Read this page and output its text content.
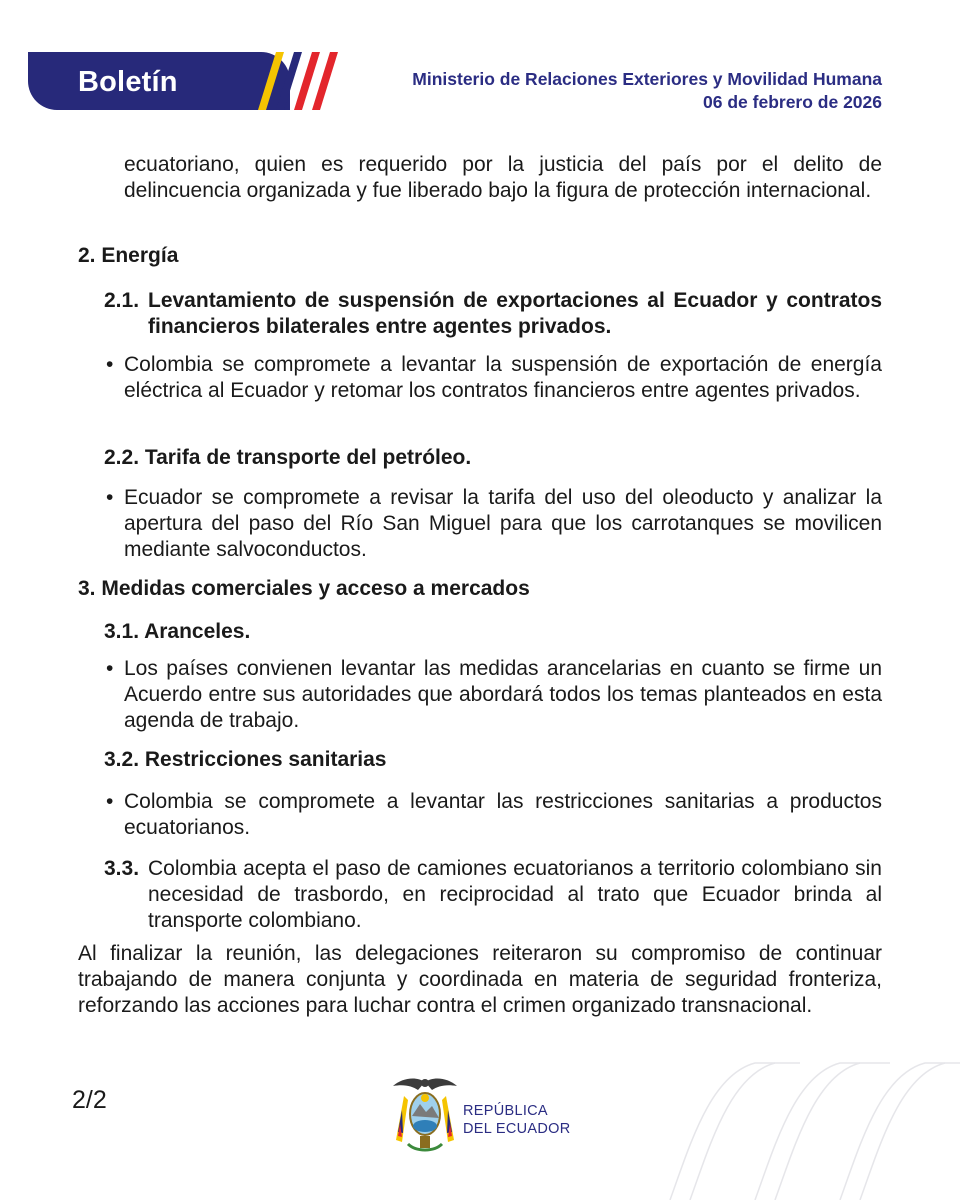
Boletín	Ministerio de Relaciones Exteriores y Movilidad Humana
06 de febrero de 2026

ecuatoriano, quien es requerido por la justicia del país por el delito de delincuencia organizada y fue liberado bajo la figura de protección internacional.

2. Energía
2.1. Levantamiento de suspensión de exportaciones al Ecuador y contratos financieros bilaterales entre agentes privados.
• Colombia se compromete a levantar la suspensión de exportación de energía eléctrica al Ecuador y retomar los contratos financieros entre agentes privados.

2.2. Tarifa de transporte del petróleo.
• Ecuador se compromete a revisar la tarifa del uso del oleoducto y analizar la apertura del paso del Río San Miguel para que los carrotanques se movilicen mediante salvoconductos.

3. Medidas comerciales y acceso a mercados
3.1. Aranceles.
• Los países convienen levantar las medidas arancelarias en cuanto se firme un Acuerdo entre sus autoridades que abordará todos los temas planteados en esta agenda de trabajo.

3.2. Restricciones sanitarias
• Colombia se compromete a levantar las restricciones sanitarias a productos ecuatorianos.

3.3. Colombia acepta el paso de camiones ecuatorianos a territorio colombiano sin necesidad de trasbordo, en reciprocidad al trato que Ecuador brinda al transporte colombiano.

Al finalizar la reunión, las delegaciones reiteraron su compromiso de continuar trabajando de manera conjunta y coordinada en materia de seguridad fronteriza, reforzando las acciones para luchar contra el crimen organizado transnacional.

2/2	REPÚBLICA
DEL ECUADOR
